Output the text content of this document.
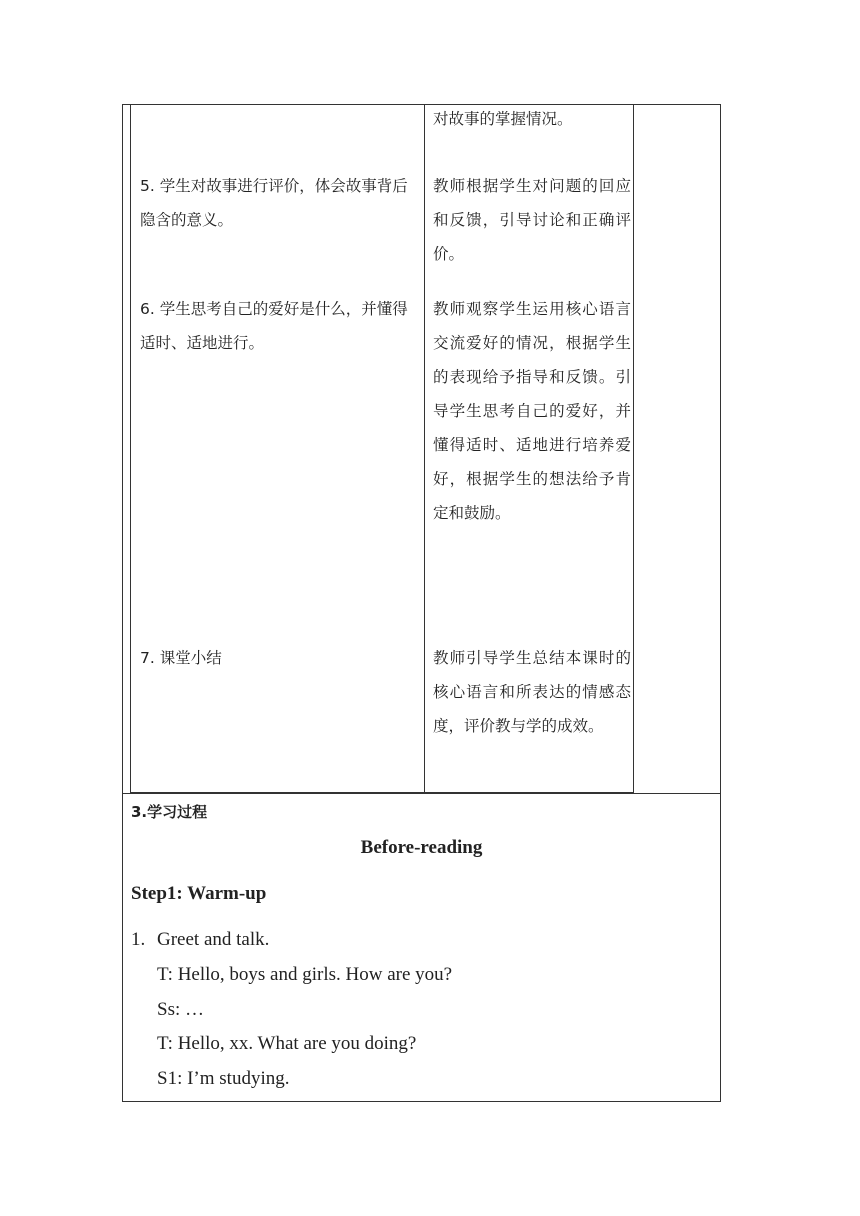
对故事的掌握情况。
5. 学生对故事进行评价，体会故事背后隐含的意义。
教师根据学生对问题的回应和反馈，引导讨论和正确评价。
6. 学生思考自己的爱好是什么，并懂得适时、适地进行。
教师观察学生运用核心语言交流爱好的情况，根据学生的表现给予指导和反馈。引导学生思考自己的爱好，并懂得适时、适地进行培养爱好，根据学生的想法给予肯定和鼓励。
7. 课堂小结	教师引导学生总结本课时的核心语言和所表达的情感态度，评价教与学的成效。
3.学习过程
Before-reading
Step1: Warm-up
1. Greet and talk.
T: Hello, boys and girls. How are you?
Ss: …
T: Hello, xx. What are you doing?
S1: I’m studying.
